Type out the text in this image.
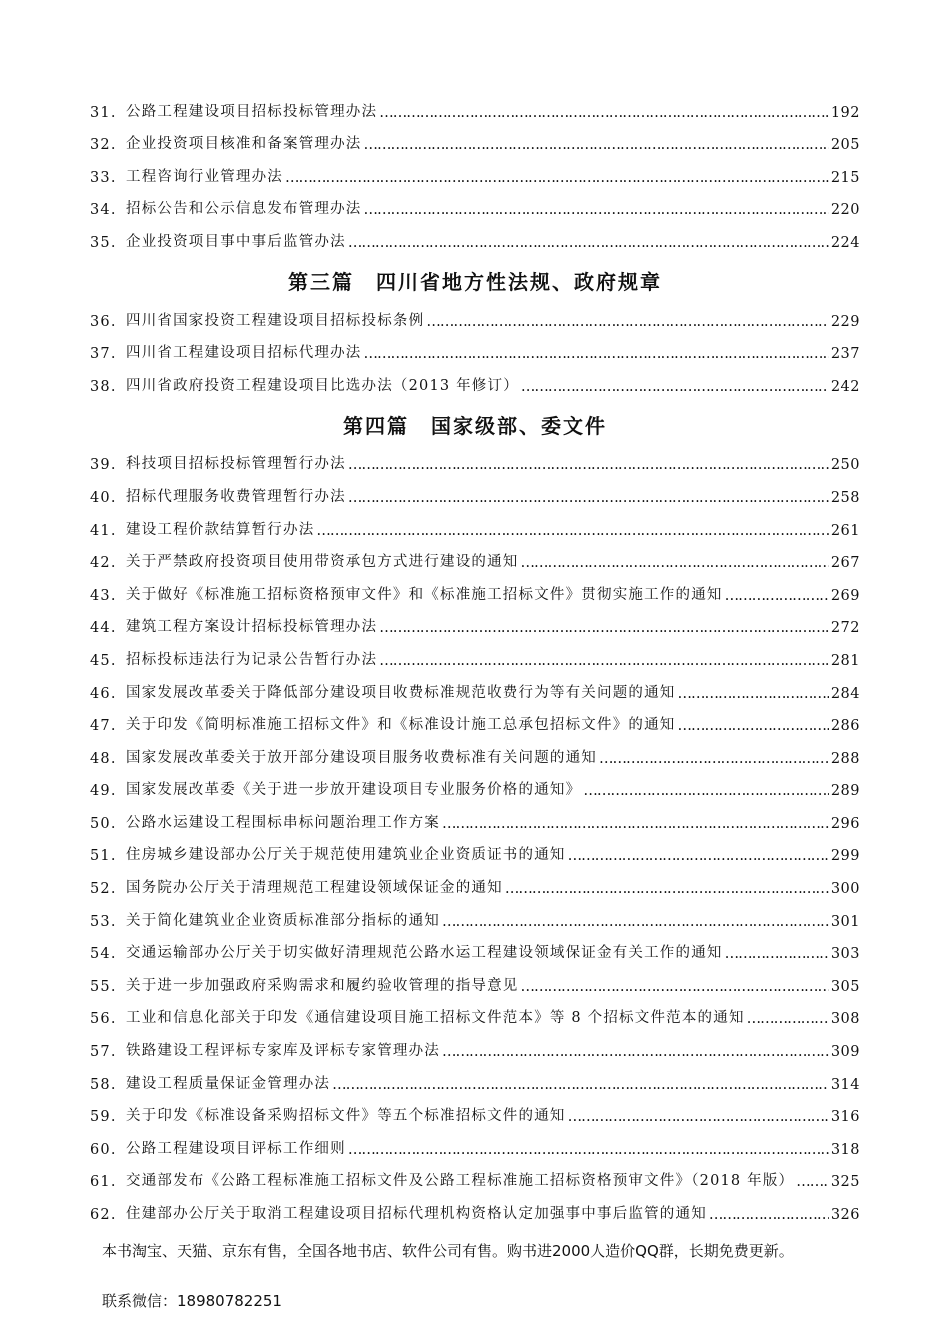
31. 公路工程建设项目招标投标管理办法 ……………………………………………………………………………………………………………………………………………………………………	192
32. 企业投资项目核准和备案管理办法 ……………………………………………………………………………………………………………………………………………………………………	205
33. 工程咨询行业管理办法 ……………………………………………………………………………………………………………………………………………………………………	215
34. 招标公告和公示信息发布管理办法 ……………………………………………………………………………………………………………………………………………………………………	220
35. 企业投资项目事中事后监管办法 ……………………………………………………………………………………………………………………………………………………………………	224
第三篇　四川省地方性法规、政府规章
36. 四川省国家投资工程建设项目招标投标条例 ……………………………………………………………………………………………………………………………………………………………………	229
37. 四川省工程建设项目招标代理办法 ……………………………………………………………………………………………………………………………………………………………………	237
38. 四川省政府投资工程建设项目比选办法（2013 年修订） ……………………………………………………………………………………………………………………………………………………………………	242
第四篇　国家级部、委文件
39. 科技项目招标投标管理暂行办法 ……………………………………………………………………………………………………………………………………………………………………	250
40. 招标代理服务收费管理暂行办法 ……………………………………………………………………………………………………………………………………………………………………	258
41. 建设工程价款结算暂行办法 ……………………………………………………………………………………………………………………………………………………………………	261
42. 关于严禁政府投资项目使用带资承包方式进行建设的通知 ……………………………………………………………………………………………………………………………………………………………………	267
43. 关于做好《标准施工招标资格预审文件》和《标准施工招标文件》贯彻实施工作的通知 ……………………………………………………………………………………………………………………………………………………………………	269
44. 建筑工程方案设计招标投标管理办法 ……………………………………………………………………………………………………………………………………………………………………	272
45. 招标投标违法行为记录公告暂行办法 ……………………………………………………………………………………………………………………………………………………………………	281
46. 国家发展改革委关于降低部分建设项目收费标准规范收费行为等有关问题的通知 ……………………………………………………………………………………………………………………………………………………………………	284
47. 关于印发《简明标准施工招标文件》和《标准设计施工总承包招标文件》的通知 ……………………………………………………………………………………………………………………………………………………………………	286
48. 国家发展改革委关于放开部分建设项目服务收费标准有关问题的通知 ……………………………………………………………………………………………………………………………………………………………………	288
49. 国家发展改革委《关于进一步放开建设项目专业服务价格的通知》 ……………………………………………………………………………………………………………………………………………………………………	289
50. 公路水运建设工程围标串标问题治理工作方案 ……………………………………………………………………………………………………………………………………………………………………	296
51. 住房城乡建设部办公厅关于规范使用建筑业企业资质证书的通知 ……………………………………………………………………………………………………………………………………………………………………	299
52. 国务院办公厅关于清理规范工程建设领域保证金的通知 ……………………………………………………………………………………………………………………………………………………………………	300
53. 关于简化建筑业企业资质标准部分指标的通知 ……………………………………………………………………………………………………………………………………………………………………	301
54. 交通运输部办公厅关于切实做好清理规范公路水运工程建设领域保证金有关工作的通知 ……………………………………………………………………………………………………………………………………………………………………	303
55. 关于进一步加强政府采购需求和履约验收管理的指导意见 ……………………………………………………………………………………………………………………………………………………………………	305
56. 工业和信息化部关于印发《通信建设项目施工招标文件范本》等 8 个招标文件范本的通知 ……………………………………………………………………………………………………………………………………………………………………	308
57. 铁路建设工程评标专家库及评标专家管理办法 ……………………………………………………………………………………………………………………………………………………………………	309
58. 建设工程质量保证金管理办法 ……………………………………………………………………………………………………………………………………………………………………	314
59. 关于印发《标准设备采购招标文件》等五个标准招标文件的通知 ……………………………………………………………………………………………………………………………………………………………………	316
60. 公路工程建设项目评标工作细则 ……………………………………………………………………………………………………………………………………………………………………	318
61. 交通部发布《公路工程标准施工招标文件及公路工程标准施工招标资格预审文件》（2018 年版） ……………………………………………………………………………………………………………………………………………………………………	325
62. 住建部办公厅关于取消工程建设项目招标代理机构资格认定加强事中事后监管的通知 ……………………………………………………………………………………………………………………………………………………………………	326
本书淘宝、天猫、京东有售，全国各地书店、软件公司有售。购书进2000人造价QQ群，长期免费更新。
联系微信：18980782251
